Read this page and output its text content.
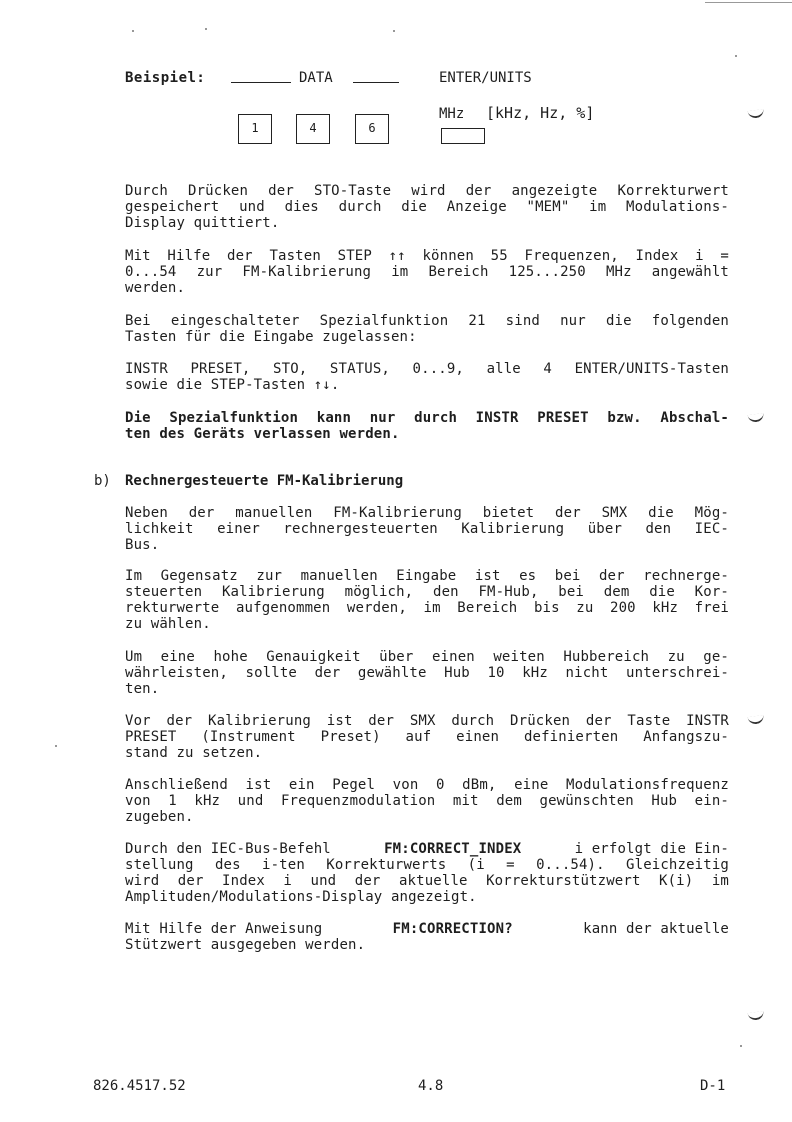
Beispiel:	DATA	ENTER/UNITS
1	4	6
MHz [kHz, Hz, %]
Durch Drücken der STO-Taste wird der angezeigte Korrekturwert
gespeichert und dies durch die Anzeige "MEM" im Modulations-
Display quittiert.
Mit Hilfe der Tasten STEP ↑↑ können 55 Frequenzen, Index i =
0...54 zur FM-Kalibrierung im Bereich 125...250 MHz angewählt
werden.
Bei eingeschalteter Spezialfunktion 21 sind nur die folgenden
Tasten für die Eingabe zugelassen:
INSTR PRESET, STO, STATUS, 0...9, alle 4 ENTER/UNITS-Tasten
sowie die STEP-Tasten ↑↓.
Die Spezialfunktion kann nur durch INSTR PRESET bzw. Abschal-
ten des Geräts verlassen werden.
b) Rechnergesteuerte FM-Kalibrierung
Neben der manuellen FM-Kalibrierung bietet der SMX die Mög-
lichkeit einer rechnergesteuerten Kalibrierung über den IEC-
Bus.
Im Gegensatz zur manuellen Eingabe ist es bei der rechnerge-
steuerten Kalibrierung möglich, den FM-Hub, bei dem die Kor-
rekturwerte aufgenommen werden, im Bereich bis zu 200 kHz frei
zu wählen.
Um eine hohe Genauigkeit über einen weiten Hubbereich zu ge-
währleisten, sollte der gewählte Hub 10 kHz nicht unterschrei-
ten.
Vor der Kalibrierung ist der SMX durch Drücken der Taste INSTR
PRESET (Instrument Preset) auf einen definierten Anfangszu-
stand zu setzen.
Anschließend ist ein Pegel von 0 dBm, eine Modulationsfrequenz
von 1 kHz und Frequenzmodulation mit dem gewünschten Hub ein-
zugeben.
Durch den IEC-Bus-Befehl	FM:CORRECT_INDEX	i erfolgt die Ein-
stellung des i-ten Korrekturwerts (i = 0...54). Gleichzeitig
wird der Index i und der aktuelle Korrekturstützwert K(i) im
Amplituden/Modulations-Display angezeigt.
Mit Hilfe der Anweisung	FM:CORRECTION?	kann der aktuelle
Stützwert ausgegeben werden.
826.4517.52	4.8	D-1
